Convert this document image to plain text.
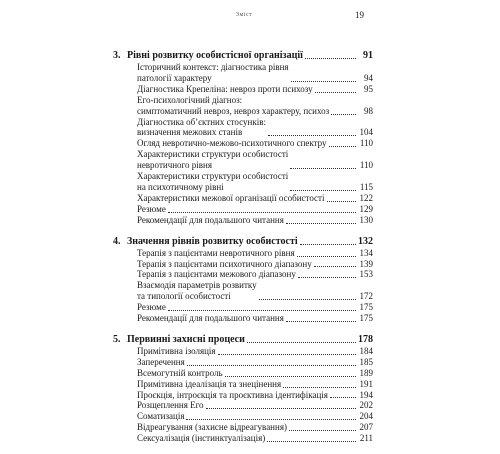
Зміст	19
3. Рівні розвитку особистісної організації	91
Історичний контекст: діагностика рівня
патології характеру	94
Діагностика Крепеліна: невроз проти психозу	95
Его-психологічний діагноз:
симптоматичний невроз, невроз характеру, психоз	98
Діагностика об’єктних стосунків:
визначення межових станів	104
Огляд невротично-межово-психотичного спектру	110
Характеристики структури особистості
невротичного рівня	110
Характеристики структури особистості
на психотичному рівні	115
Характеристики межової організації особистості	122
Резюме	129
Рекомендації для подальшого читання	130
4. Значення рівнів розвитку особистості	132
Терапія з пацієнтами невротичного рівня	134
Терапія з пацієнтами психотичного діапазону	139
Терапія з пацієнтами межового діапазону	153
Взаємодія параметрів розвитку
та типології особистості	172
Резюме	175
Рекомендації для подальшого читання	175
5. Первинні захисні процеси	178
Примітивна ізоляція	184
Заперечення	185
Всемогутній контроль	189
Примітивна ідеалізація та знецінення	191
Проєкція, інтроєкція та проєктивна ідентифікація	194
Розщеплення Его	202
Соматизація	204
Відреагування (захисне відреагування)	207
Сексуалізація (інстинктуалізація)	211
